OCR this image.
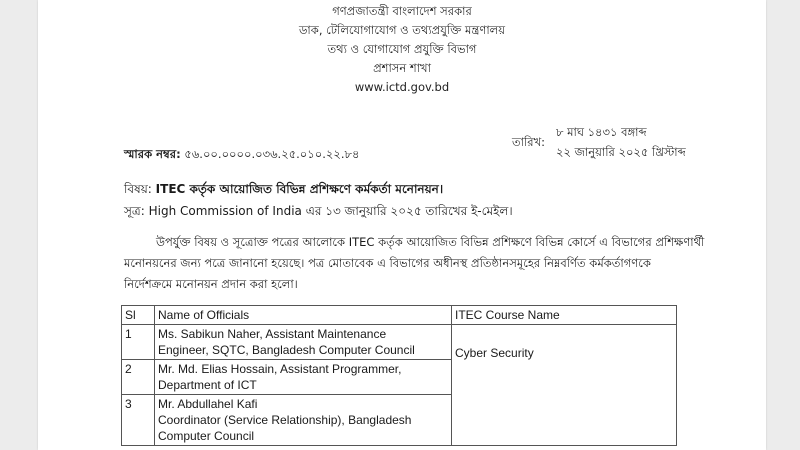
গণপ্রজাতন্ত্রী বাংলাদেশ সরকার
ডাক, টেলিযোগাযোগ ও তথ্যপ্রযুক্তি মন্ত্রণালয়
তথ্য ও যোগাযোগ প্রযুক্তি বিভাগ
প্রশাসন শাখা
www.ictd.gov.bd
তারিখ:
৮ মাঘ ১৪৩১ বঙ্গাব্দ
২২ জানুয়ারি ২০২৫ খ্রিস্টাব্দ
স্মারক নম্বর: ৫৬.০০.০০০০.০৩৬.২৫.০১০.২২.৮৪
বিষয়: ITEC কর্তৃক আয়োজিত বিভিন্ন প্রশিক্ষণে কর্মকর্তা মনোনয়ন।
সূত্র: High Commission of India এর ১৩ জানুয়ারি ২০২৫ তারিখের ই-মেইল।
উপর্যুক্ত বিষয় ও সূত্রোক্ত পত্রের আলোকে ITEC কর্তৃক আয়োজিত বিভিন্ন প্রশিক্ষণে বিভিন্ন কোর্সে এ বিভাগের প্রশিক্ষণার্থী
মনোনয়নের জন্য পত্রে জানানো হয়েছে। পত্র মোতাবেক এ বিভাগের অধীনস্থ প্রতিষ্ঠানসমূহের নিম্নবর্ণিত কর্মকর্তাগণকে
নির্দেশক্রমে মনোনয়ন প্রদান করা হলো।
Sl	Name of Officials	ITEC Course Name
1	Ms. Sabikun Naher, Assistant Maintenance
Engineer, SQTC, Bangladesh Computer Council	Cyber Security
2	Mr. Md. Elias Hossain, Assistant Programmer,
Department of ICT	

3	Mr. Abdullahel Kafi
Coordinator (Service Relationship), Bangladesh
Computer Council	
